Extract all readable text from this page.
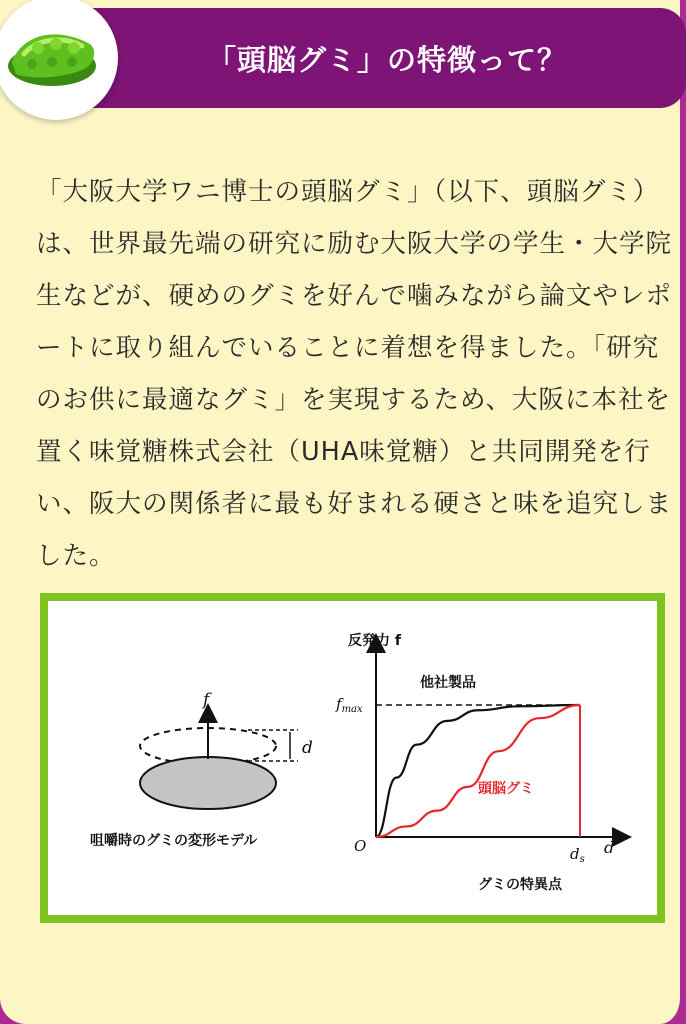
「頭脳グミ」の特徴って？

「大阪大学ワニ博士の頭脳グミ」（以下、頭脳グミ）は、世界最先端の研究に励む大阪大学の学生・大学院生などが、硬めのグミを好んで噛みながら論文やレポートに取り組んでいることに着想を得ました。「研究のお供に最適なグミ」を実現するため、大阪に本社を置く味覚糖株式会社（UHA味覚糖）と共同開発を行い、阪大の関係者に最も好まれる硬さと味を追究しました。

f
d
咀嚼時のグミの変形モデル
反発力 f
O	d
$f_{max}$
$d_s$
グミの特異点
他社製品
頭脳グミ
